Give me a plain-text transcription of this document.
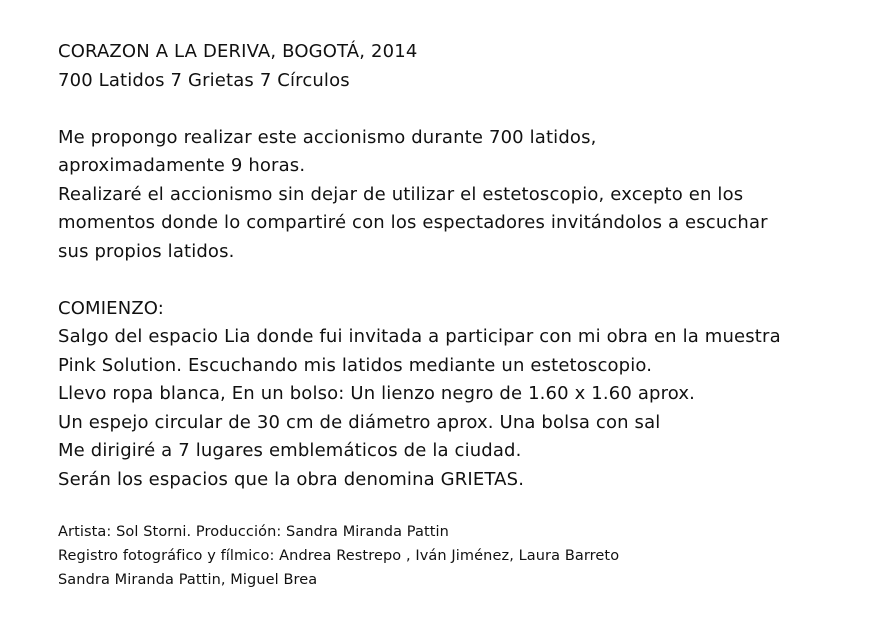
CORAZON A LA DERIVA, BOGOTÁ, 2014
700 Latidos 7 Grietas 7 Círculos
Me propongo realizar este accionismo durante 700 latidos,
aproximadamente 9 horas.
Realizaré el accionismo sin dejar de utilizar el estetoscopio, excepto en los
momentos donde lo compartiré con los espectadores invitándolos a escuchar
sus propios latidos.
COMIENZO:
Salgo del espacio Lia donde fui invitada a participar con mi obra en la muestra
Pink Solution. Escuchando mis latidos mediante un estetoscopio.
Llevo ropa blanca, En un bolso: Un lienzo negro de 1.60 x 1.60 aprox.
Un espejo circular de 30 cm de diámetro aprox. Una bolsa con sal
Me dirigiré a 7 lugares emblemáticos de la ciudad.
Serán los espacios que la obra denomina GRIETAS.
Artista: Sol Storni. Producción: Sandra Miranda Pattin
Registro fotográfico y fílmico: Andrea Restrepo , Iván Jiménez, Laura Barreto
Sandra Miranda Pattin, Miguel Brea
